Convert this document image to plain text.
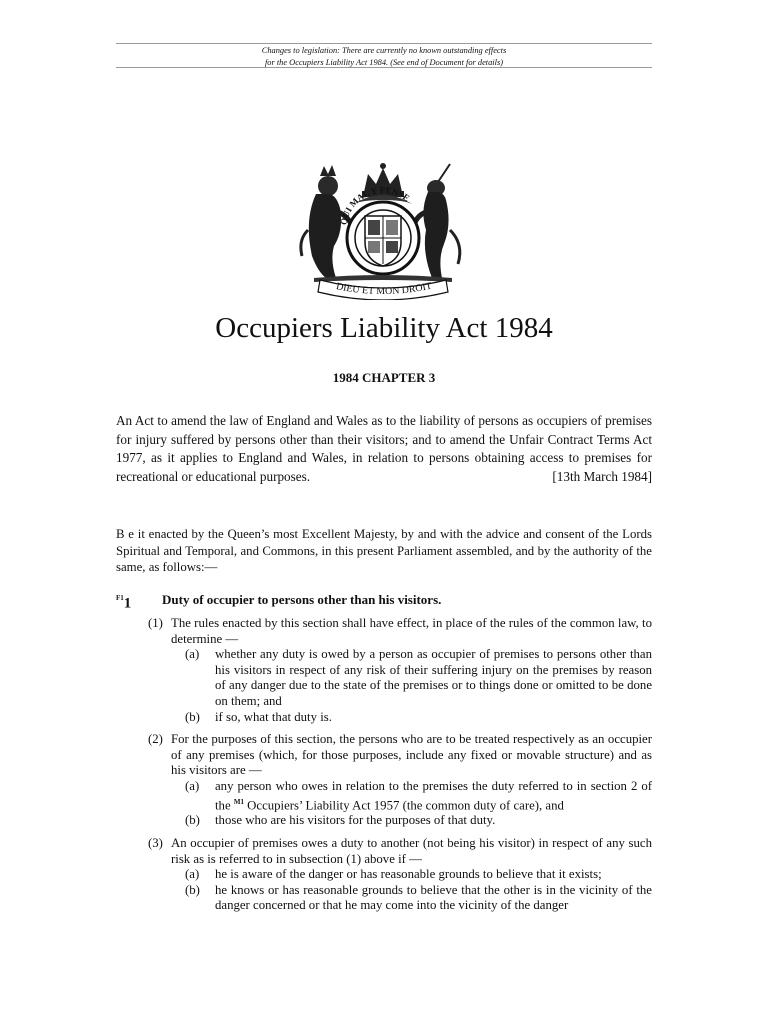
Changes to legislation: There are currently no known outstanding effects
for the Occupiers Liability Act 1984. (See end of Document for details)
QUI MAL Y PENSE
DIEU ET MON DROIT
Occupiers Liability Act 1984
1984 CHAPTER 3
An Act to amend the law of England and Wales as to the liability of persons as occupiers of premises for injury suffered by persons other than their visitors; and to amend the Unfair Contract Terms Act 1977, as it applies to England and Wales, in relation to persons obtaining access to premises for recreational or educational purposes.	[13th March 1984]
B e it enacted by the Queen’s most Excellent Majesty, by and with the advice and consent of the Lords Spiritual and Temporal, and Commons, in this present Parliament assembled, and by the authority of the same, as follows:—
$^{F1}$1 Duty of occupier to persons other than his visitors.
(1) The rules enacted by this section shall have effect, in place of the rules of the common law, to determine —
(a) whether any duty is owed by a person as occupier of premises to persons other than his visitors in respect of any risk of their suffering injury on the premises by reason of any danger due to the state of the premises or to things done or omitted to be done on them; and
(b) if so, what that duty is.
(2) For the purposes of this section, the persons who are to be treated respectively as an occupier of any premises (which, for those purposes, include any fixed or movable structure) and as his visitors are —
(a) any person who owes in relation to the premises the duty referred to in section 2 of the $^{M1}$ Occupiers’ Liability Act 1957 (the common duty of care), and
(b) those who are his visitors for the purposes of that duty.
(3) An occupier of premises owes a duty to another (not being his visitor) in respect of any such risk as is referred to in subsection (1) above if —
(a) he is aware of the danger or has reasonable grounds to believe that it exists;
(b) he knows or has reasonable grounds to believe that the other is in the vicinity of the danger concerned or that he may come into the vicinity of the danger
